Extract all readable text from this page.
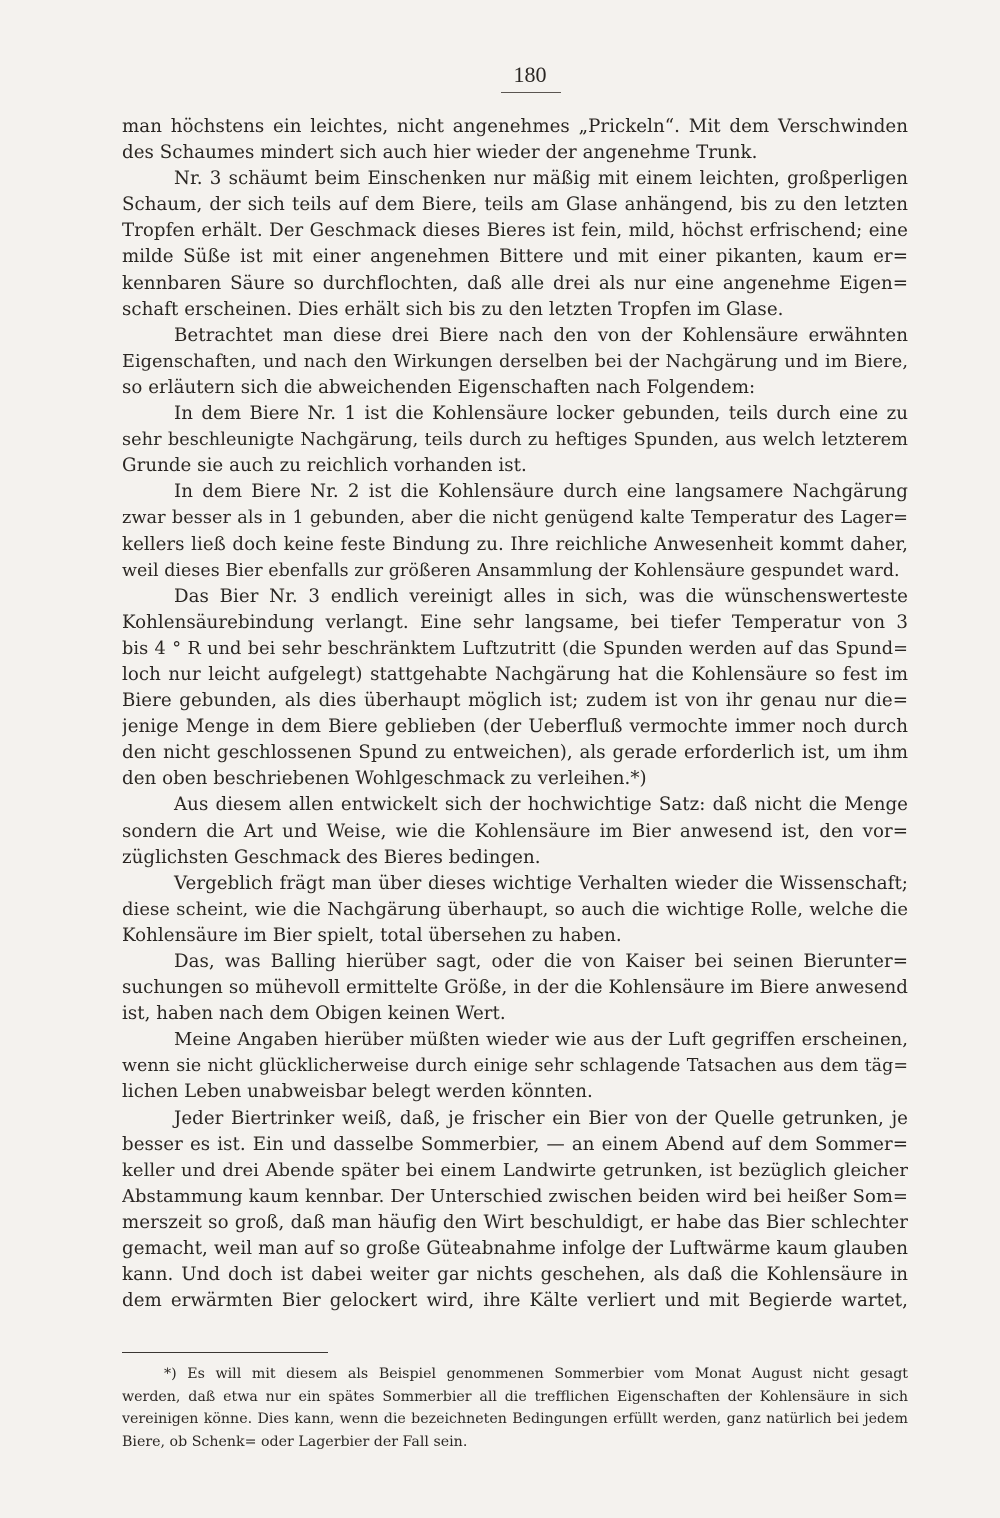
180
man höchstens ein leichtes, nicht angenehmes „Prickeln“. Mit dem Verschwinden
des Schaumes mindert sich auch hier wieder der angenehme Trunk.
Nr. 3 schäumt beim Einschenken nur mäßig mit einem leichten, großperligen
Schaum, der sich teils auf dem Biere, teils am Glase anhängend, bis zu den letzten
Tropfen erhält. Der Geschmack dieses Bieres ist fein, mild, höchst erfrischend; eine
milde Süße ist mit einer angenehmen Bittere und mit einer pikanten, kaum er=
kennbaren Säure so durchflochten, daß alle drei als nur eine angenehme Eigen=
schaft erscheinen. Dies erhält sich bis zu den letzten Tropfen im Glase.
Betrachtet man diese drei Biere nach den von der Kohlensäure erwähnten
Eigenschaften, und nach den Wirkungen derselben bei der Nachgärung und im Biere,
so erläutern sich die abweichenden Eigenschaften nach Folgendem:
In dem Biere Nr. 1 ist die Kohlensäure locker gebunden, teils durch eine zu
sehr beschleunigte Nachgärung, teils durch zu heftiges Spunden, aus welch letzterem
Grunde sie auch zu reichlich vorhanden ist.
In dem Biere Nr. 2 ist die Kohlensäure durch eine langsamere Nachgärung
zwar besser als in 1 gebunden, aber die nicht genügend kalte Temperatur des Lager=
kellers ließ doch keine feste Bindung zu. Ihre reichliche Anwesenheit kommt daher,
weil dieses Bier ebenfalls zur größeren Ansammlung der Kohlensäure gespundet ward.
Das Bier Nr. 3 endlich vereinigt alles in sich, was die wünschenswerteste
Kohlensäurebindung verlangt. Eine sehr langsame, bei tiefer Temperatur von 3
bis 4 ° R und bei sehr beschränktem Luftzutritt (die Spunden werden auf das Spund=
loch nur leicht aufgelegt) stattgehabte Nachgärung hat die Kohlensäure so fest im
Biere gebunden, als dies überhaupt möglich ist; zudem ist von ihr genau nur die=
jenige Menge in dem Biere geblieben (der Ueberfluß vermochte immer noch durch
den nicht geschlossenen Spund zu entweichen), als gerade erforderlich ist, um ihm
den oben beschriebenen Wohlgeschmack zu verleihen.*)
Aus diesem allen entwickelt sich der hochwichtige Satz: daß nicht die Menge
sondern die Art und Weise, wie die Kohlensäure im Bier anwesend ist, den vor=
züglichsten Geschmack des Bieres bedingen.
Vergeblich frägt man über dieses wichtige Verhalten wieder die Wissenschaft;
diese scheint, wie die Nachgärung überhaupt, so auch die wichtige Rolle, welche die
Kohlensäure im Bier spielt, total übersehen zu haben.
Das, was Balling hierüber sagt, oder die von Kaiser bei seinen Bierunter=
suchungen so mühevoll ermittelte Größe, in der die Kohlensäure im Biere anwesend
ist, haben nach dem Obigen keinen Wert.
Meine Angaben hierüber müßten wieder wie aus der Luft gegriffen erscheinen,
wenn sie nicht glücklicherweise durch einige sehr schlagende Tatsachen aus dem täg=
lichen Leben unabweisbar belegt werden könnten.
Jeder Biertrinker weiß, daß, je frischer ein Bier von der Quelle getrunken, je
besser es ist. Ein und dasselbe Sommerbier, — an einem Abend auf dem Sommer=
keller und drei Abende später bei einem Landwirte getrunken, ist bezüglich gleicher
Abstammung kaum kennbar. Der Unterschied zwischen beiden wird bei heißer Som=
merszeit so groß, daß man häufig den Wirt beschuldigt, er habe das Bier schlechter
gemacht, weil man auf so große Güteabnahme infolge der Luftwärme kaum glauben
kann. Und doch ist dabei weiter gar nichts geschehen, als daß die Kohlensäure in
dem erwärmten Bier gelockert wird, ihre Kälte verliert und mit Begierde wartet,
*) Es will mit diesem als Beispiel genommenen Sommerbier vom Monat August nicht gesagt
werden, daß etwa nur ein spätes Sommerbier all die trefflichen Eigenschaften der Kohlensäure in sich
vereinigen könne. Dies kann, wenn die bezeichneten Bedingungen erfüllt werden, ganz natürlich bei jedem
Biere, ob Schenk= oder Lagerbier der Fall sein.
